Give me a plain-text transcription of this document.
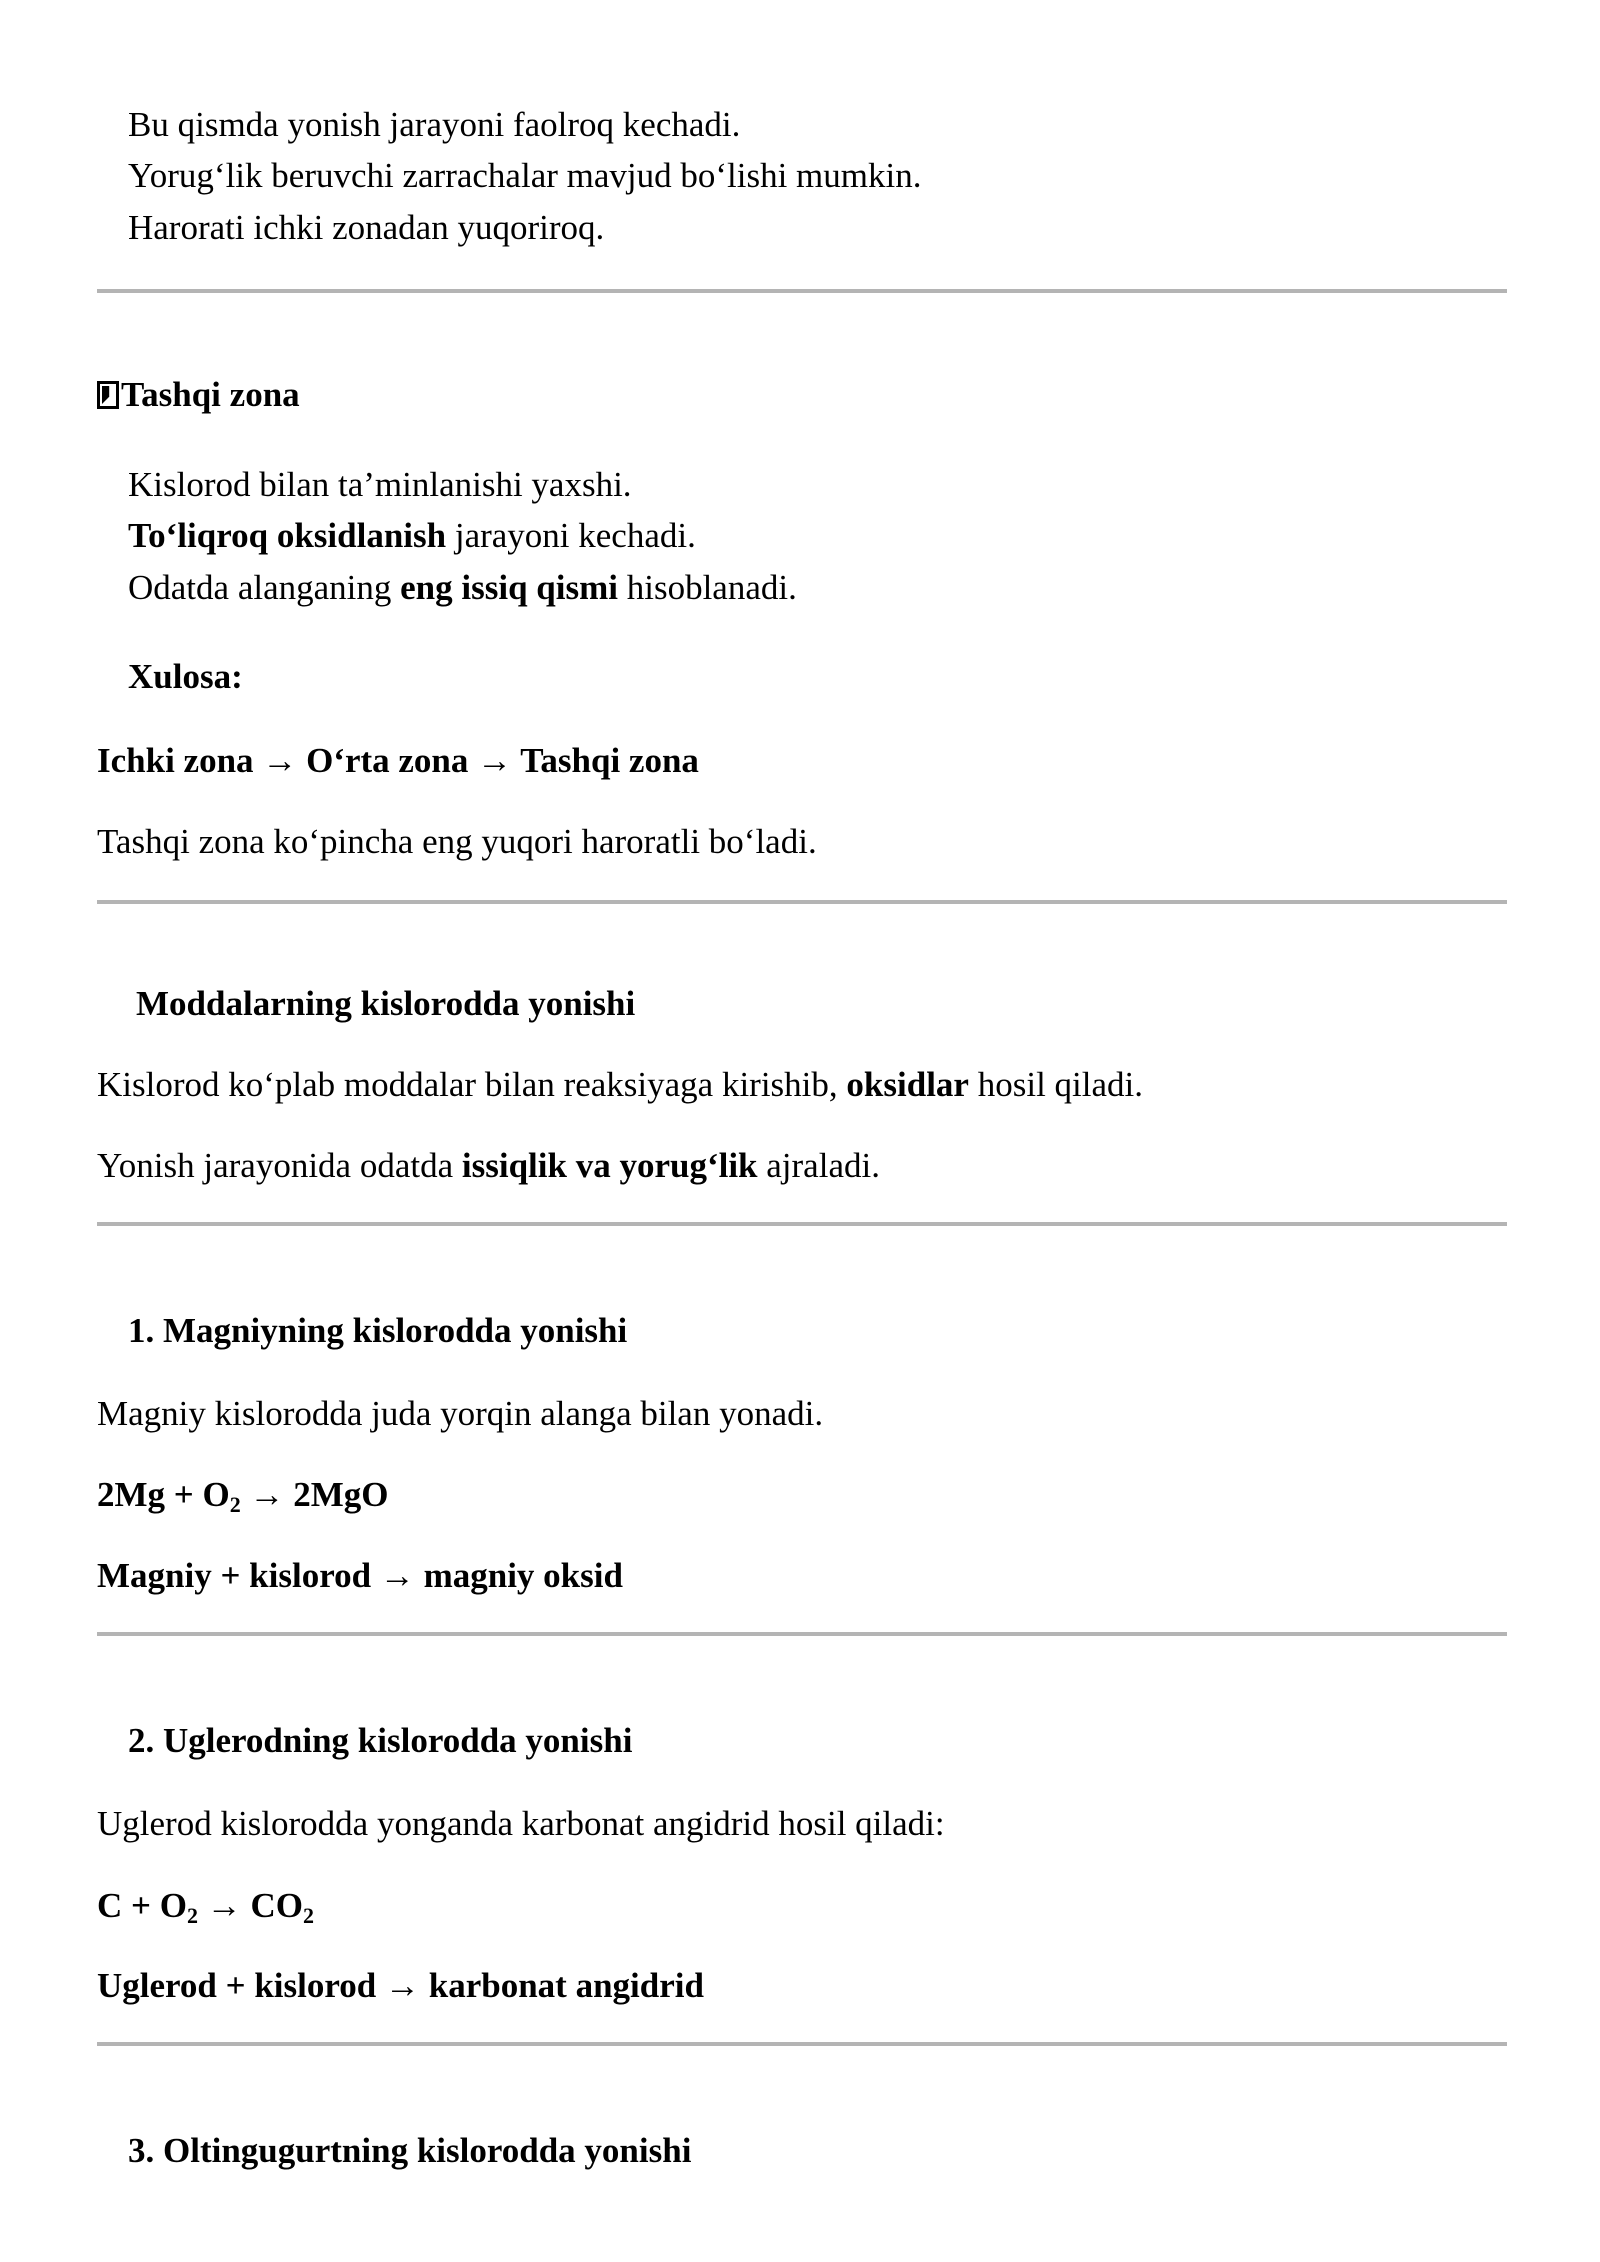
Bu qismda yonish jarayoni faolroq kechadi.
Yorug‘lik beruvchi zarrachalar mavjud bo‘lishi mumkin.
Harorati ichki zonadan yuqoriroq.
Tashqi zona
Kislorod bilan ta’minlanishi yaxshi.
To‘liqroq oksidlanish jarayoni kechadi.
Odatda alanganing eng issiq qismi hisoblanadi.
Xulosa:
Ichki zona → O‘rta zona → Tashqi zona
Tashqi zona ko‘pincha eng yuqori haroratli bo‘ladi.
Moddalarning kislorodda yonishi
Kislorod ko‘plab moddalar bilan reaksiyaga kirishib, oksidlar hosil qiladi.
Yonish jarayonida odatda issiqlik va yorug‘lik ajraladi.
1. Magniyning kislorodda yonishi
Magniy kislorodda juda yorqin alanga bilan yonadi.
$2Mg + O_2 \to 2MgO$
Magniy + kislorod → magniy oksid
2. Uglerodning kislorodda yonishi
Uglerod kislorodda yonganda karbonat angidrid hosil qiladi:
$C + O_2 \to CO_2$
Uglerod + kislorod → karbonat angidrid
3. Oltingugurtning kislorodda yonishi
